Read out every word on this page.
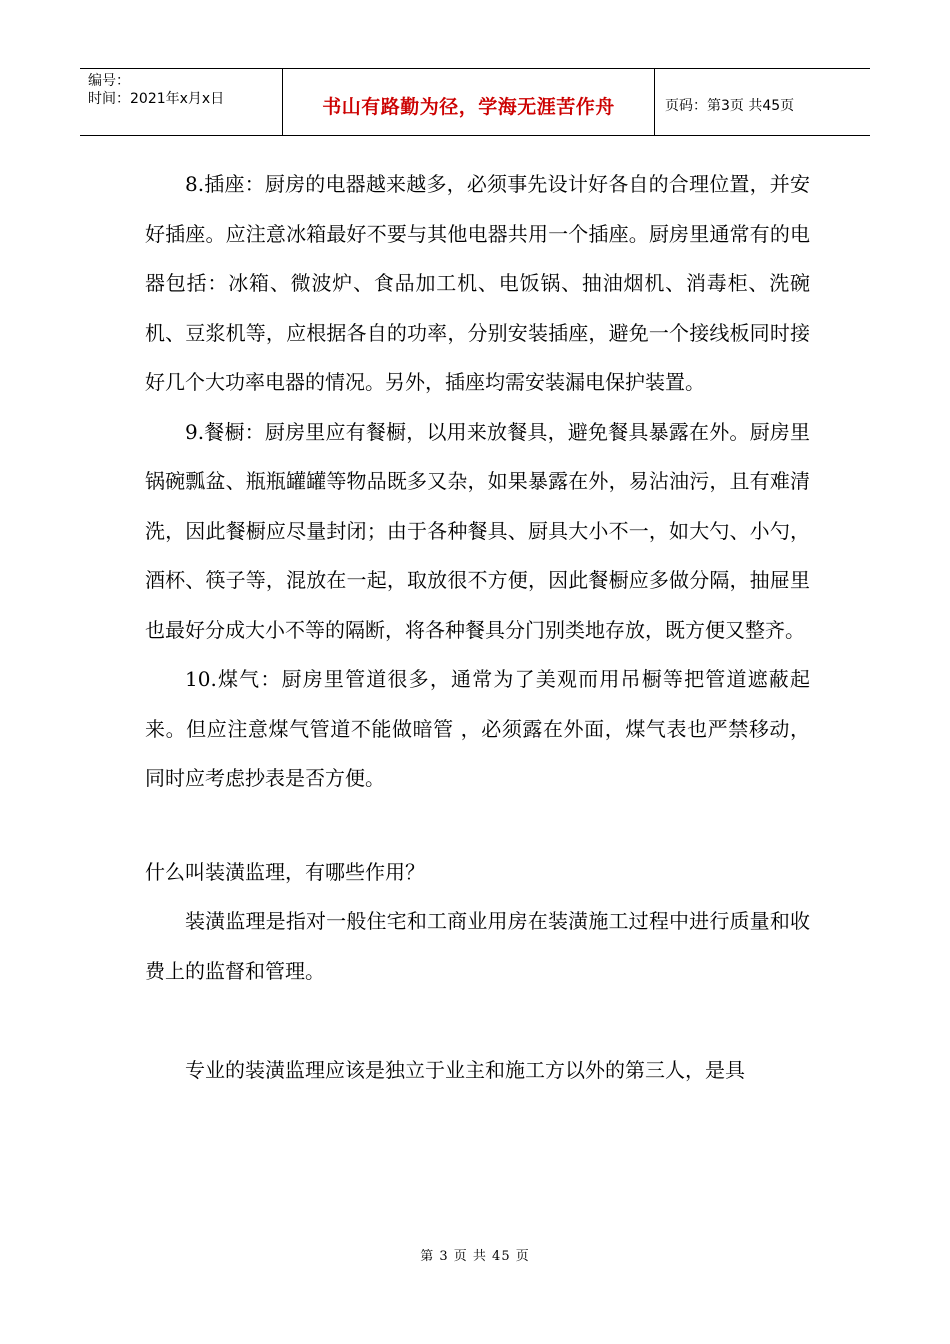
编号：
时间：2021年x月x日	书山有路勤为径，学海无涯苦作舟	页码：第3页 共45页

8.插座：厨房的电器越来越多，必须事先设计好各自的合理位置，并安好插座。应注意冰箱最好不要与其他电器共用一个插座。厨房里通常有的电器包括：冰箱、微波炉、食品加工机、电饭锅、抽油烟机、消毒柜、洗碗机、豆浆机等，应根据各自的功率，分别安装插座，避免一个接线板同时接好几个大功率电器的情况。另外，插座均需安装漏电保护装置。

9.餐橱：厨房里应有餐橱，以用来放餐具，避免餐具暴露在外。厨房里锅碗瓢盆、瓶瓶罐罐等物品既多又杂，如果暴露在外，易沾油污，且有难清洗，因此餐橱应尽量封闭；由于各种餐具、厨具大小不一，如大勺、小勺，酒杯、筷子等，混放在一起，取放很不方便，因此餐橱应多做分隔，抽屉里也最好分成大小不等的隔断，将各种餐具分门别类地存放，既方便又整齐。

10.煤气：厨房里管道很多，通常为了美观而用吊橱等把管道遮蔽起来。但应注意煤气管道不能做暗管 ，必须露在外面，煤气表也严禁移动，同时应考虑抄表是否方便。

什么叫装潢监理，有哪些作用？

装潢监理是指对一般住宅和工商业用房在装潢施工过程中进行质量和收费上的监督和管理。

专业的装潢监理应该是独立于业主和施工方以外的第三人，是具

第 3 页 共 45 页
